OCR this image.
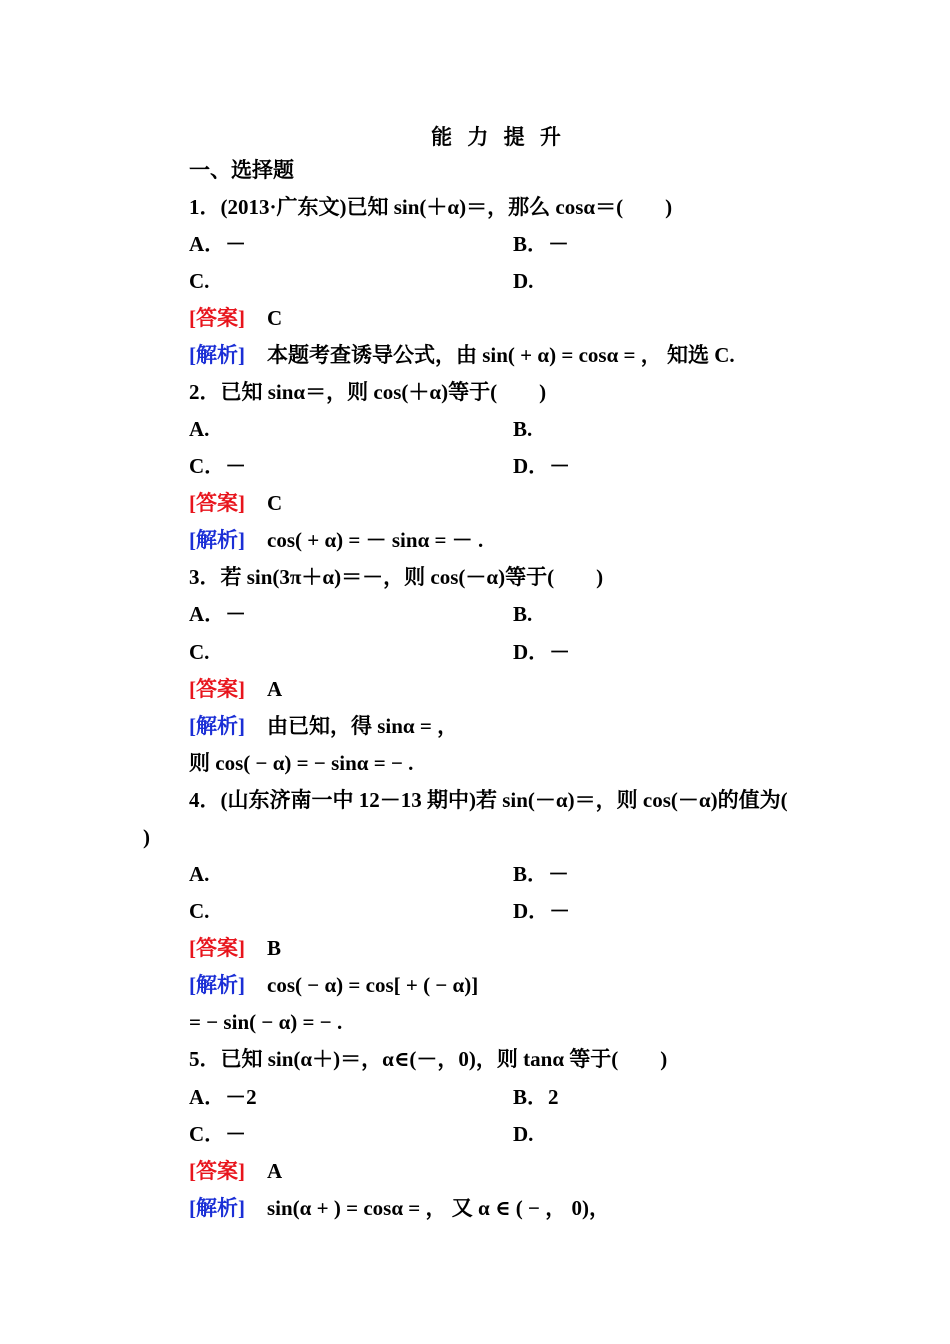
能 力 提 升
一、选择题
1．(2013·广东文)已知 sin(＋α)＝，那么 cosα＝(　　)
A．－	B．－
C.	D.
[答案] C
[解析] 本题考查诱导公式，由 sin( + α) = cosα = ， 知选 C.
2．已知 sinα＝，则 cos(＋α)等于(　　)
A.	B.
C．－	D．－
[答案] C
[解析] cos( + α) = － sinα = － .
3．若 sin(3π＋α)＝－，则 cos(－α)等于(　　)
A．－	B.
C.	D．－
[答案] A
[解析] 由已知，得 sinα = ，
则 cos( − α) = − sinα = − .
4．(山东济南一中 12－13 期中)若 sin(－α)＝，则 cos(－α)的值为(
)
A.	B．－
C.	D．－
[答案] B
[解析] cos( − α) = cos[ + ( − α)]
= − sin( − α) = − .
5．已知 sin(α＋)＝，α∈(－，0)，则 tanα 等于(　　)
A．－2	B．2
C．－	D.
[答案] A
[解析] sin(α + ) = cosα = ， 又 α ∈ ( − ， 0)，
